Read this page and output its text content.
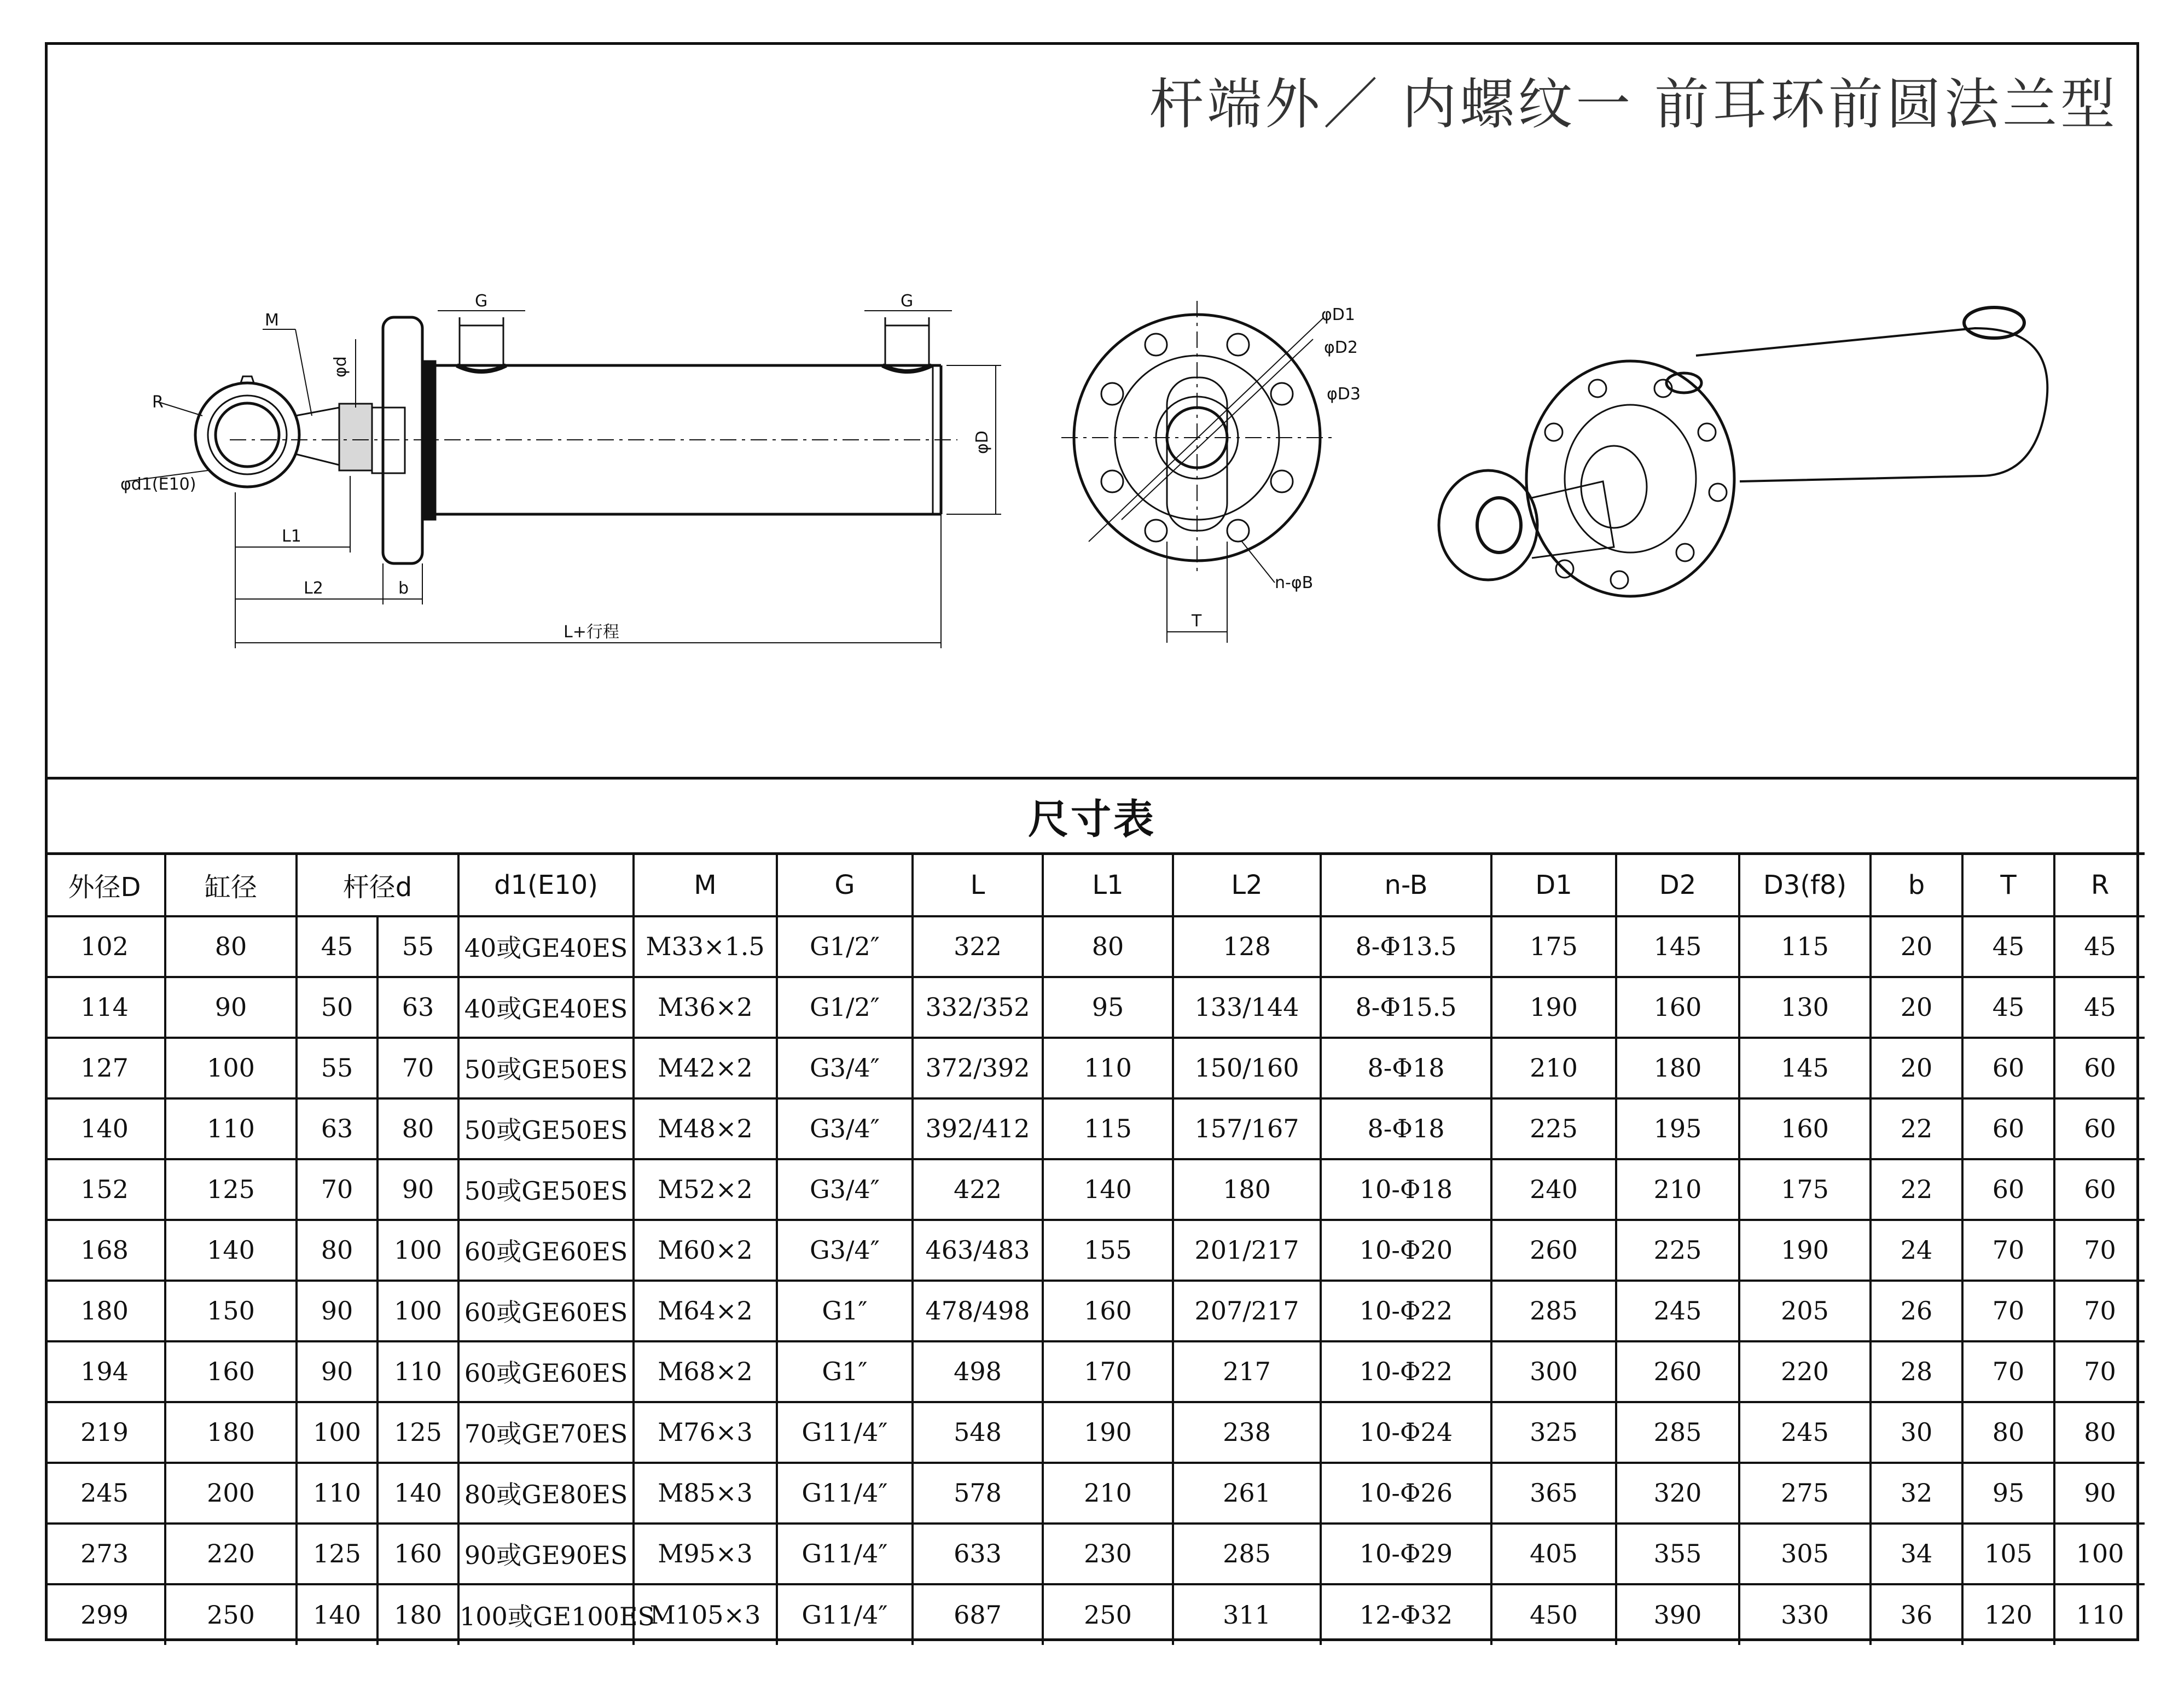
杆端外／ 内螺纹一 前耳环前圆法兰型
G	G
M
φd
R
φd1(E10)
φD
L1
L2	b
L+行程
φD1
φD2
φD3
n-φB
T
尺寸表
外径D	缸径	杆径d		d1(E10)	M	G	L	L1	L2	n-B	D1	D2	D3(f8)	b	T	R
102	80	45	55	40或GE40ES	M33×1.5	G1/2″	322	80	128	8-Φ13.5	175	145	115	20	45	45
114	90	50	63	40或GE40ES	M36×2	G1/2″	332/352	95	133/144	8-Φ15.5	190	160	130	20	45	45
127	100	55	70	50或GE50ES	M42×2	G3/4″	372/392	110	150/160	8-Φ18	210	180	145	20	60	60
140	110	63	80	50或GE50ES	M48×2	G3/4″	392/412	115	157/167	8-Φ18	225	195	160	22	60	60
152	125	70	90	50或GE50ES	M52×2	G3/4″	422	140	180	10-Φ18	240	210	175	22	60	60
168	140	80	100	60或GE60ES	M60×2	G3/4″	463/483	155	201/217	10-Φ20	260	225	190	24	70	70
180	150	90	100	60或GE60ES	M64×2	G1″	478/498	160	207/217	10-Φ22	285	245	205	26	70	70
194	160	90	110	60或GE60ES	M68×2	G1″	498	170	217	10-Φ22	300	260	220	28	70	70
219	180	100	125	70或GE70ES	M76×3	G11/4″	548	190	238	10-Φ24	325	285	245	30	80	80
245	200	110	140	80或GE80ES	M85×3	G11/4″	578	210	261	10-Φ26	365	320	275	32	95	90
273	220	125	160	90或GE90ES	M95×3	G11/4″	633	230	285	10-Φ29	405	355	305	34	105	100
299	250	140	180	100或GE100ES	M105×3	G11/4″	687	250	311	12-Φ32	450	390	330	36	120	110
